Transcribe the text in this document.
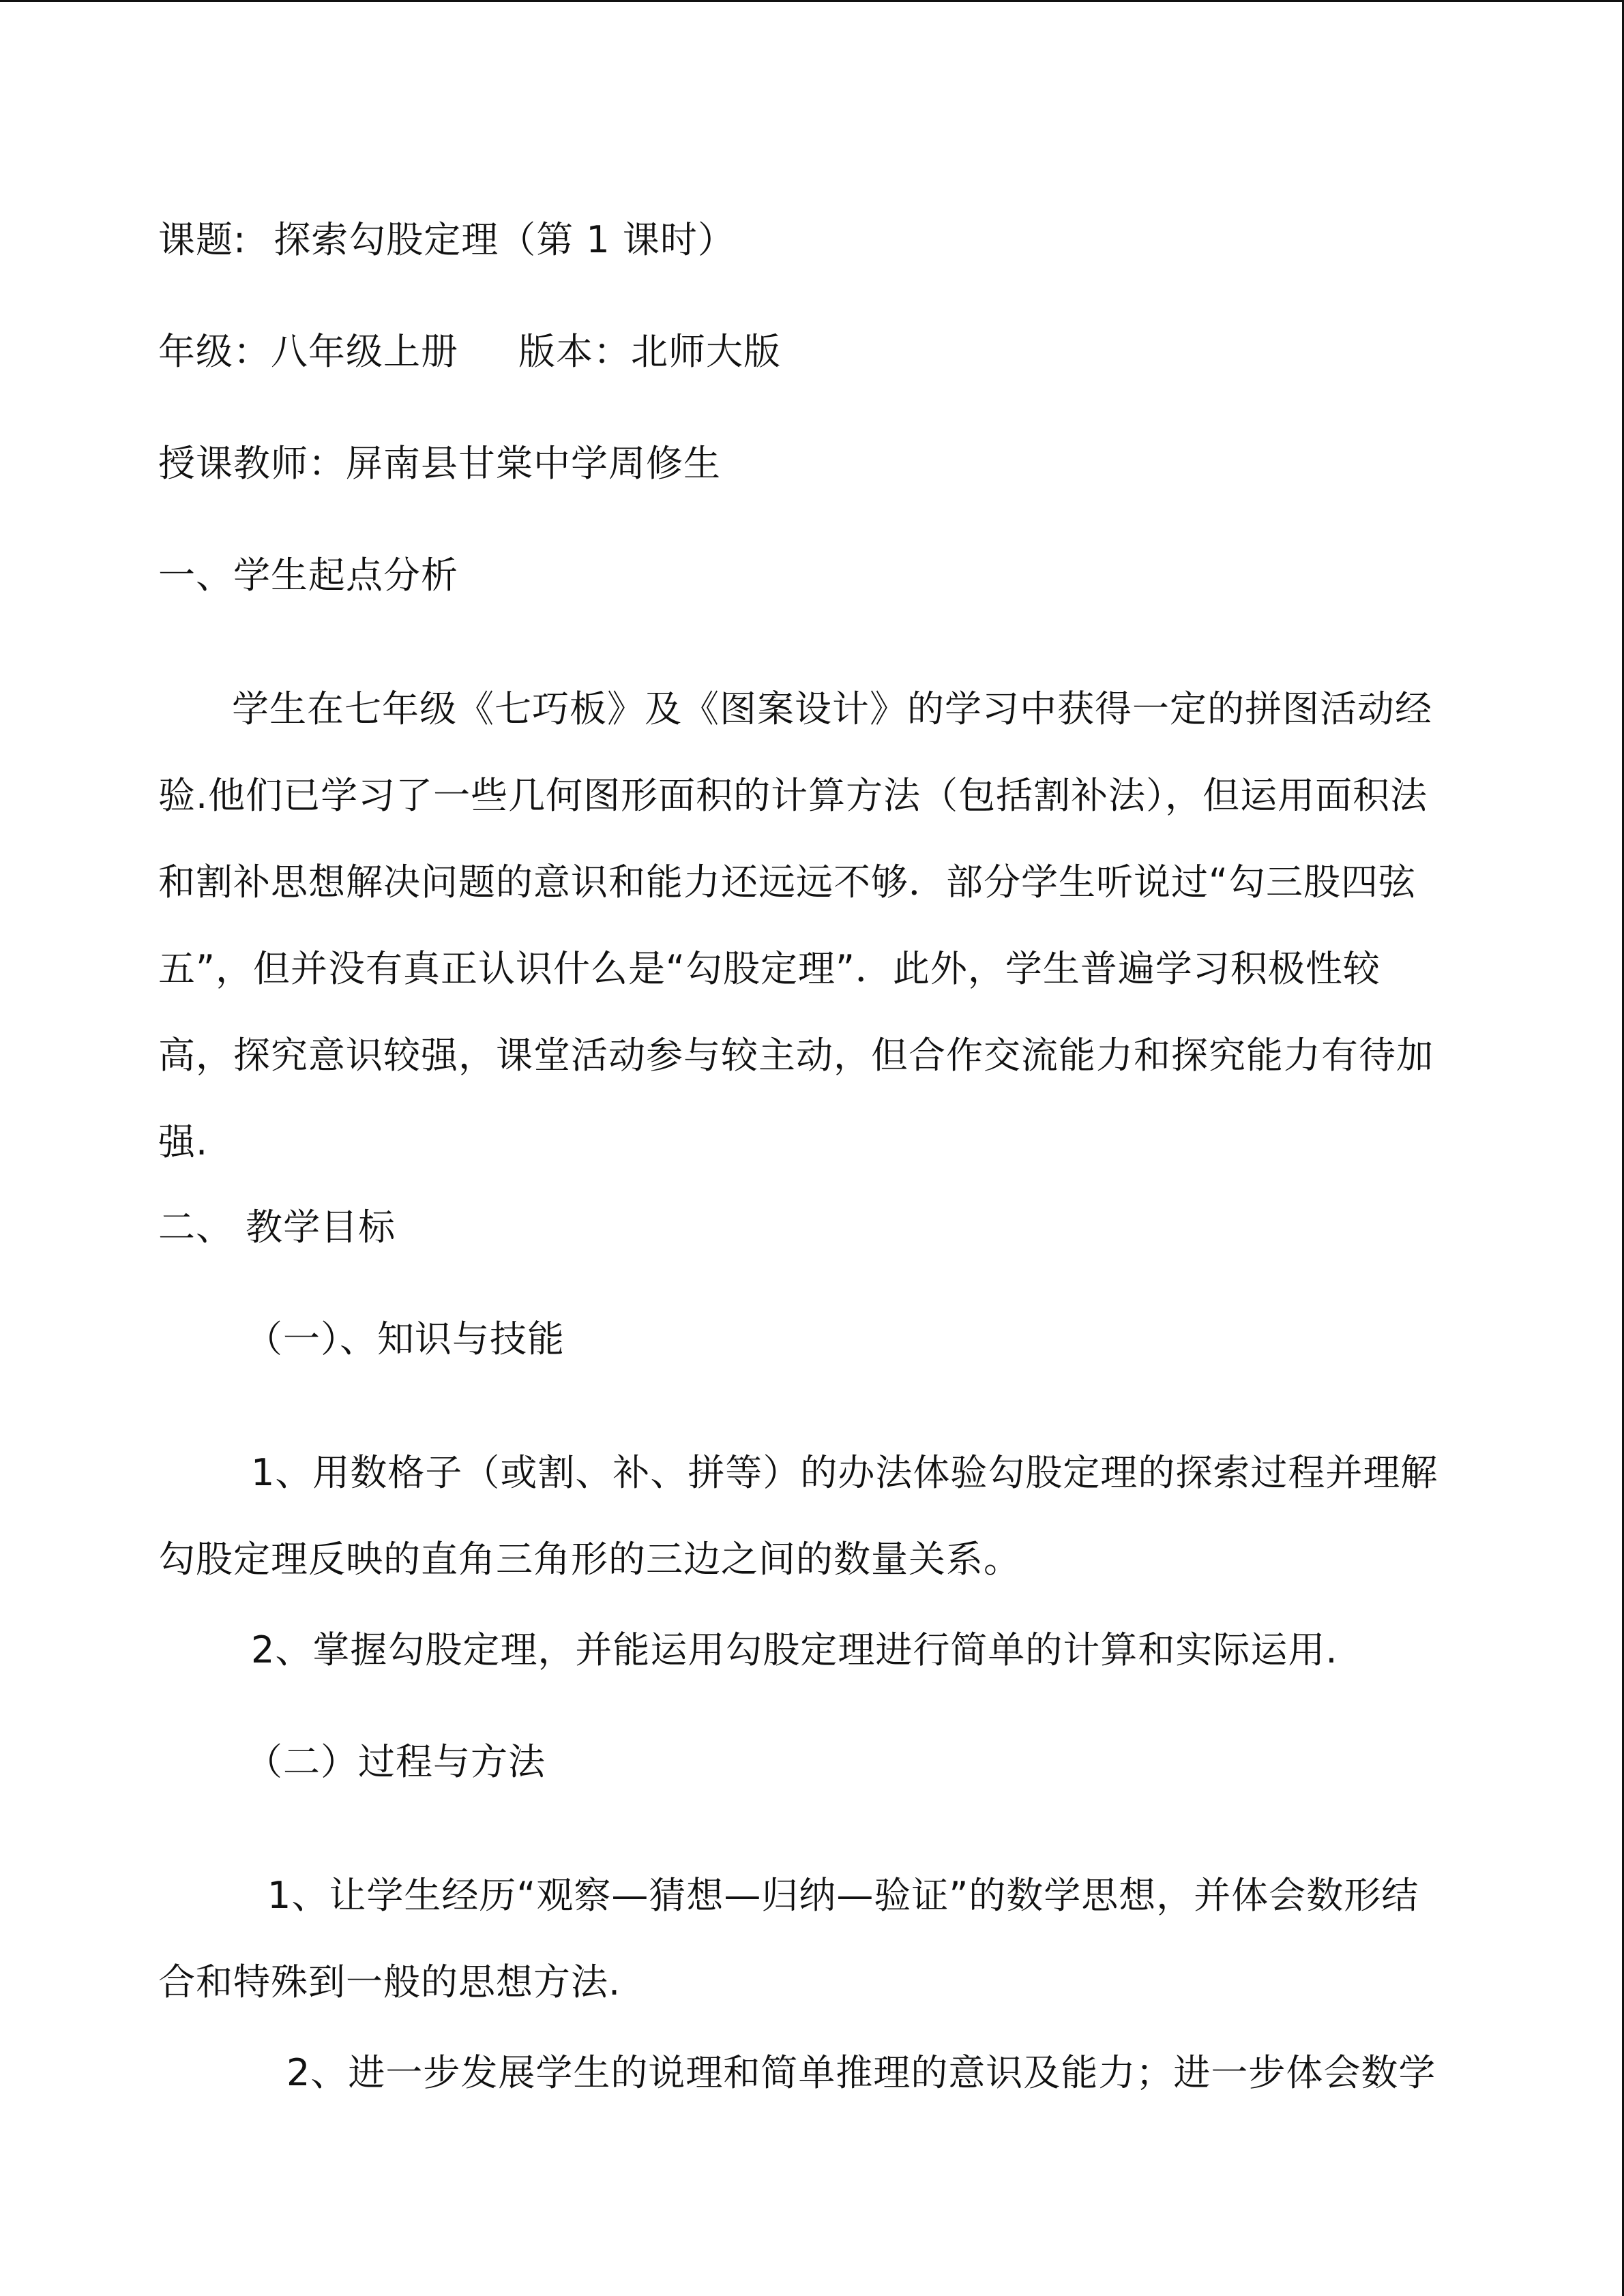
课题: 探索勾股定理（第 1 课时）

年级：八年级上册 版本：北师大版

授课教师：屏南县甘棠中学周修生

一、学生起点分析

学生在七年级《七巧板》及《图案设计》的学习中获得一定的拼图活动经
验.他们已学习了一些几何图形面积的计算方法（包括割补法），但运用面积法
和割补思想解决问题的意识和能力还远远不够．部分学生听说过“勾三股四弦
五”，但并没有真正认识什么是“勾股定理”．此外，学生普遍学习积极性较
高，探究意识较强，课堂活动参与较主动，但合作交流能力和探究能力有待加
强.

二、 教学目标

（一）、知识与技能

1、用数格子（或割、补、拼等）的办法体验勾股定理的探索过程并理解
勾股定理反映的直角三角形的三边之间的数量关系。

2、掌握勾股定理，并能运用勾股定理进行简单的计算和实际运用.

（二）过程与方法

1、让学生经历“观察—猜想—归纳—验证”的数学思想，并体会数形结
合和特殊到一般的思想方法.

2、进一步发展学生的说理和简单推理的意识及能力；进一步体会数学
